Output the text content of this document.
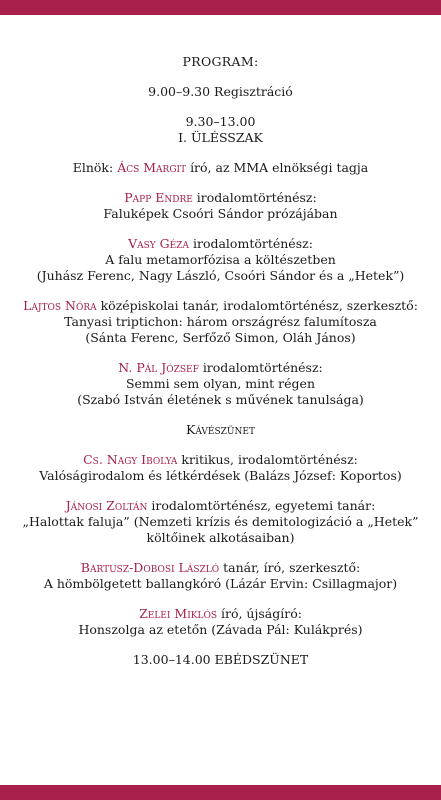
PROGRAM:
9.00–9.30 Regisztráció
9.30–13.00
I. ÜLÉSSZAK
Elnök: Ács Margit író, az MMA elnökségi tagja
Papp Endre irodalomtörténész:
Faluképek Csoóri Sándor prózájában
Vasy Géza irodalomtörténész:
A falu metamorfózisa a költészetben
(Juhász Ferenc, Nagy László, Csoóri Sándor és a „Hetek”)
Lajtos Nóra középiskolai tanár, irodalomtörténész, szerkesztő:
Tanyasi triptichon: három országrész falumítosza
(Sánta Ferenc, Serfőző Simon, Oláh János)
N. Pál József irodalomtörténész:
Semmi sem olyan, mint régen
(Szabó István életének s művének tanulsága)
Kávészünet
Cs. Nagy Ibolya kritikus, irodalomtörténész:
Valóságirodalom és létkérdések (Balázs József: Koportos)
Jánosi Zoltán irodalomtörténész, egyetemi tanár:
„Halottak faluja” (Nemzeti krízis és demitologizáció a „Hetek”
költőinek alkotásaiban)
Bartusz-Dobosi László tanár, író, szerkesztő:
A hömbölgetett ballangkóró (Lázár Ervin: Csillagmajor)
Zelei Miklós író, újságíró:
Honszolga az etetőn (Závada Pál: Kulákprés)
13.00–14.00 EBÉDSZÜNET
